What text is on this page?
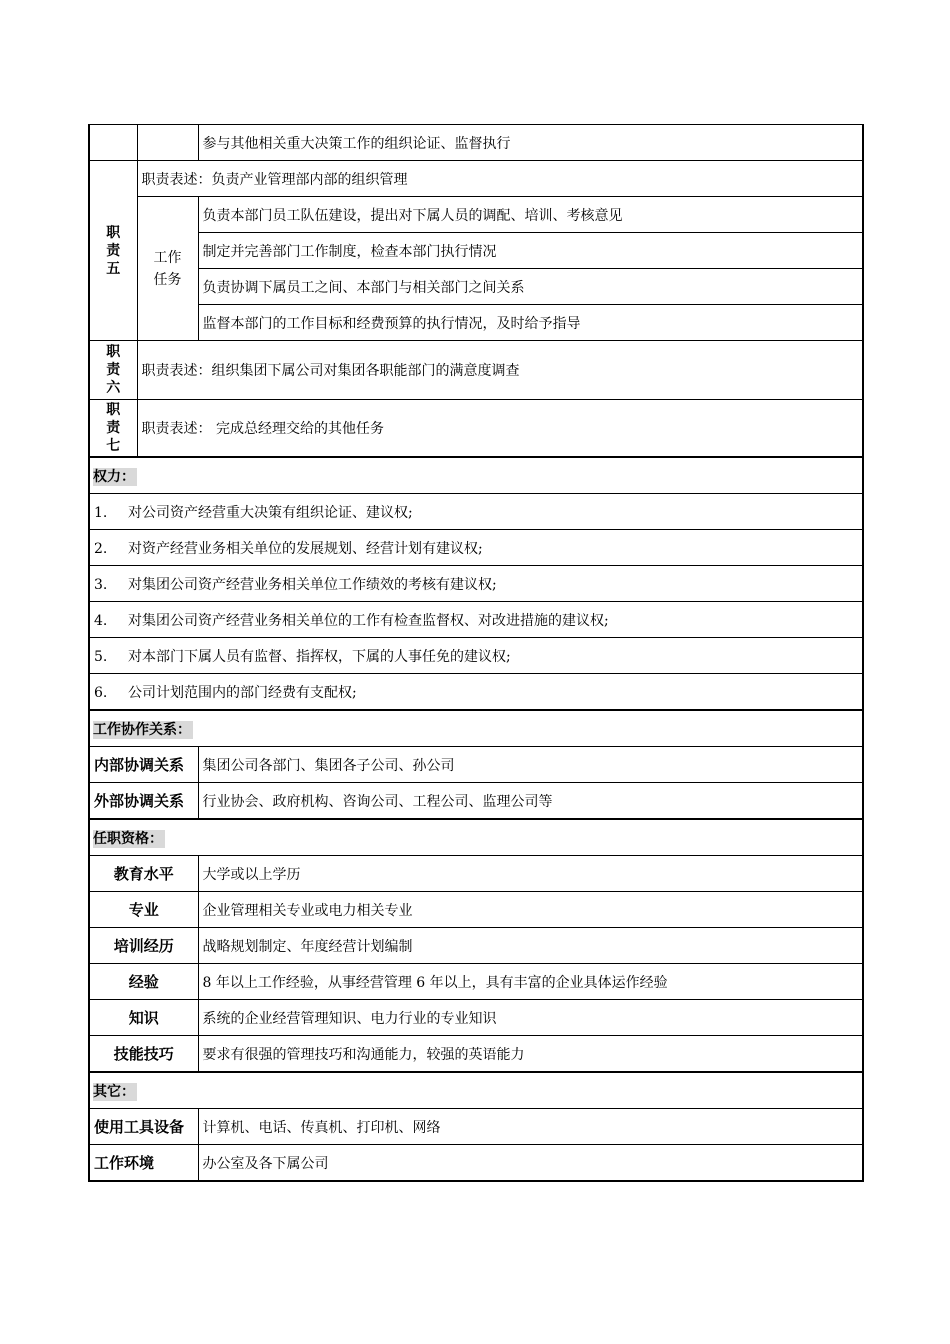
		参与其他相关重大决策工作的组织论证、监督执行

职
责
五	职责表述：负责产业管理部内部的组织管理	

	工作
任务	负责本部门员工队伍建设，提出对下属人员的调配、培训、考核意见
		制定并完善部门工作制度，检查本部门执行情况
		负责协调下属员工之间、本部门与相关部门之间关系
		监督本部门的工作目标和经费预算的执行情况，及时给予指导

职
责
六	职责表述：组织集团下属公司对集团各职能部门的满意度调查	

职
责
七	职责表述： 完成总经理交给的其他任务	
权力：		
1. 对公司资产经营重大决策有组织论证、建议权;		
2. 对资产经营业务相关单位的发展规划、经营计划有建议权;		
3. 对集团公司资产经营业务相关单位工作绩效的考核有建议权;		
4. 对集团公司资产经营业务相关单位的工作有检查监督权、对改进措施的建议权;		
5. 对本部门下属人员有监督、指挥权，下属的人事任免的建议权;		
6. 公司计划范围内的部门经费有支配权;		
工作协作关系：		
内部协调关系		集团公司各部门、集团各子公司、孙公司
外部协调关系		行业协会、政府机构、咨询公司、工程公司、监理公司等
任职资格：		
教育水平		大学或以上学历
专业		企业管理相关专业或电力相关专业
培训经历		战略规划制定、年度经营计划编制
经验		8 年以上工作经验，从事经营管理 6 年以上，具有丰富的企业具体运作经验
知识		系统的企业经营管理知识、电力行业的专业知识
技能技巧		要求有很强的管理技巧和沟通能力，较强的英语能力
其它：		
使用工具设备		计算机、电话、传真机、打印机、网络
工作环境		办公室及各下属公司
